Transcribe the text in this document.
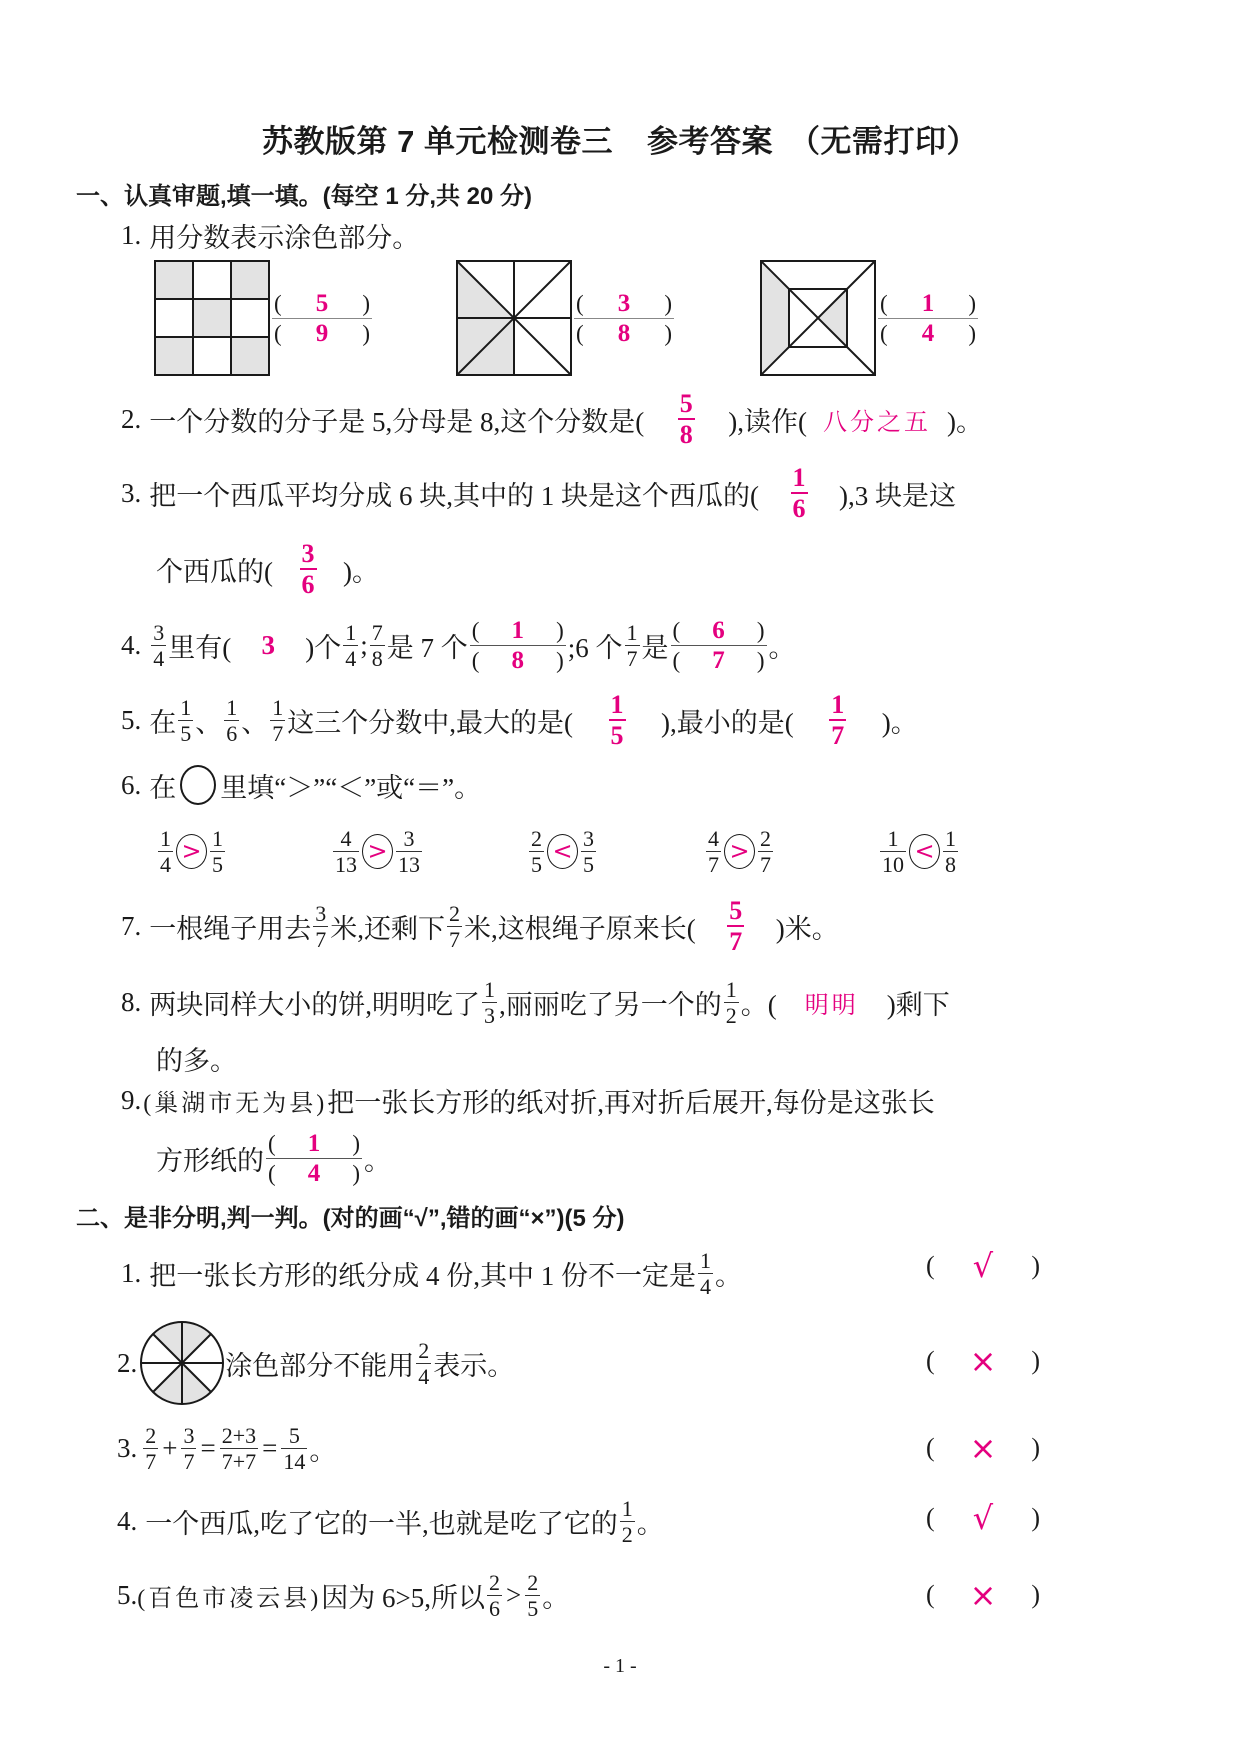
苏教版第 7 单元检测卷三 参考答案 （无需打印）
一、认真审题,填一填。(每空 1 分,共 20 分)
1. 用分数表示涂色部分。
( 5 )
( 9 )
( 3 )
( 8 )
( 1 )
( 4 )
2. 一个分数的分子是 5,分母是 8,这个分数是(
5
8 ),读作( 八分之五 )。
3. 把一个西瓜平均分成 6 块,其中的 1 块是这个西瓜的(
1
6 ),3 块是这
个西瓜的(
3
6 )。
4. 3
4 里有( 3 )个
1
4 ; 7
8 是 7 个
( 1 )
( 8 ) ;6 个
1
7 是
( 6 )
( 7 ) 。
5. 在
1
5 、
1
6 、
1
7 这三个分数中,最大的是(
1
5 ),最小的是(
1
7 )。
6. 在 里填“＞”“＜”或“＝”。
1
4 > 1
5
4
13 > 3
13
2
5 < 3
5
4
7 > 2
7
1
10 < 1
8
7. 一根绳子用去
3
7 米,还剩下
2
7 米,这根绳子原来长(
5
7 )米。
8. 两块同样大小的饼,明明吃了
1
3 ,丽丽吃了另一个的
1
2 。( 明明 )剩下
的多。
9. (巢湖市无为县) 把一张长方形的纸对折,再对折后展开,每份是这张长
方形纸的
( 1 )
( 4 ) 。
二、是非分明,判一判。(对的画“√”,错的画“×”)(5 分)
1. 把一张长方形的纸分成 4 份,其中 1 份不一定是
1
4 。	( √ )
2.	涂色部分不能用
2
4 表示。	( × )
3. 2
7 + 3
7 = 2+3
7+7 = 5
14 。	( × )
4. 一个西瓜,吃了它的一半,也就是吃了它的
1
2 。	( √ )
5. (百色市凌云县) 因为 6>5,所以
2
6 > 2
5 。	( × )
- 1 -
